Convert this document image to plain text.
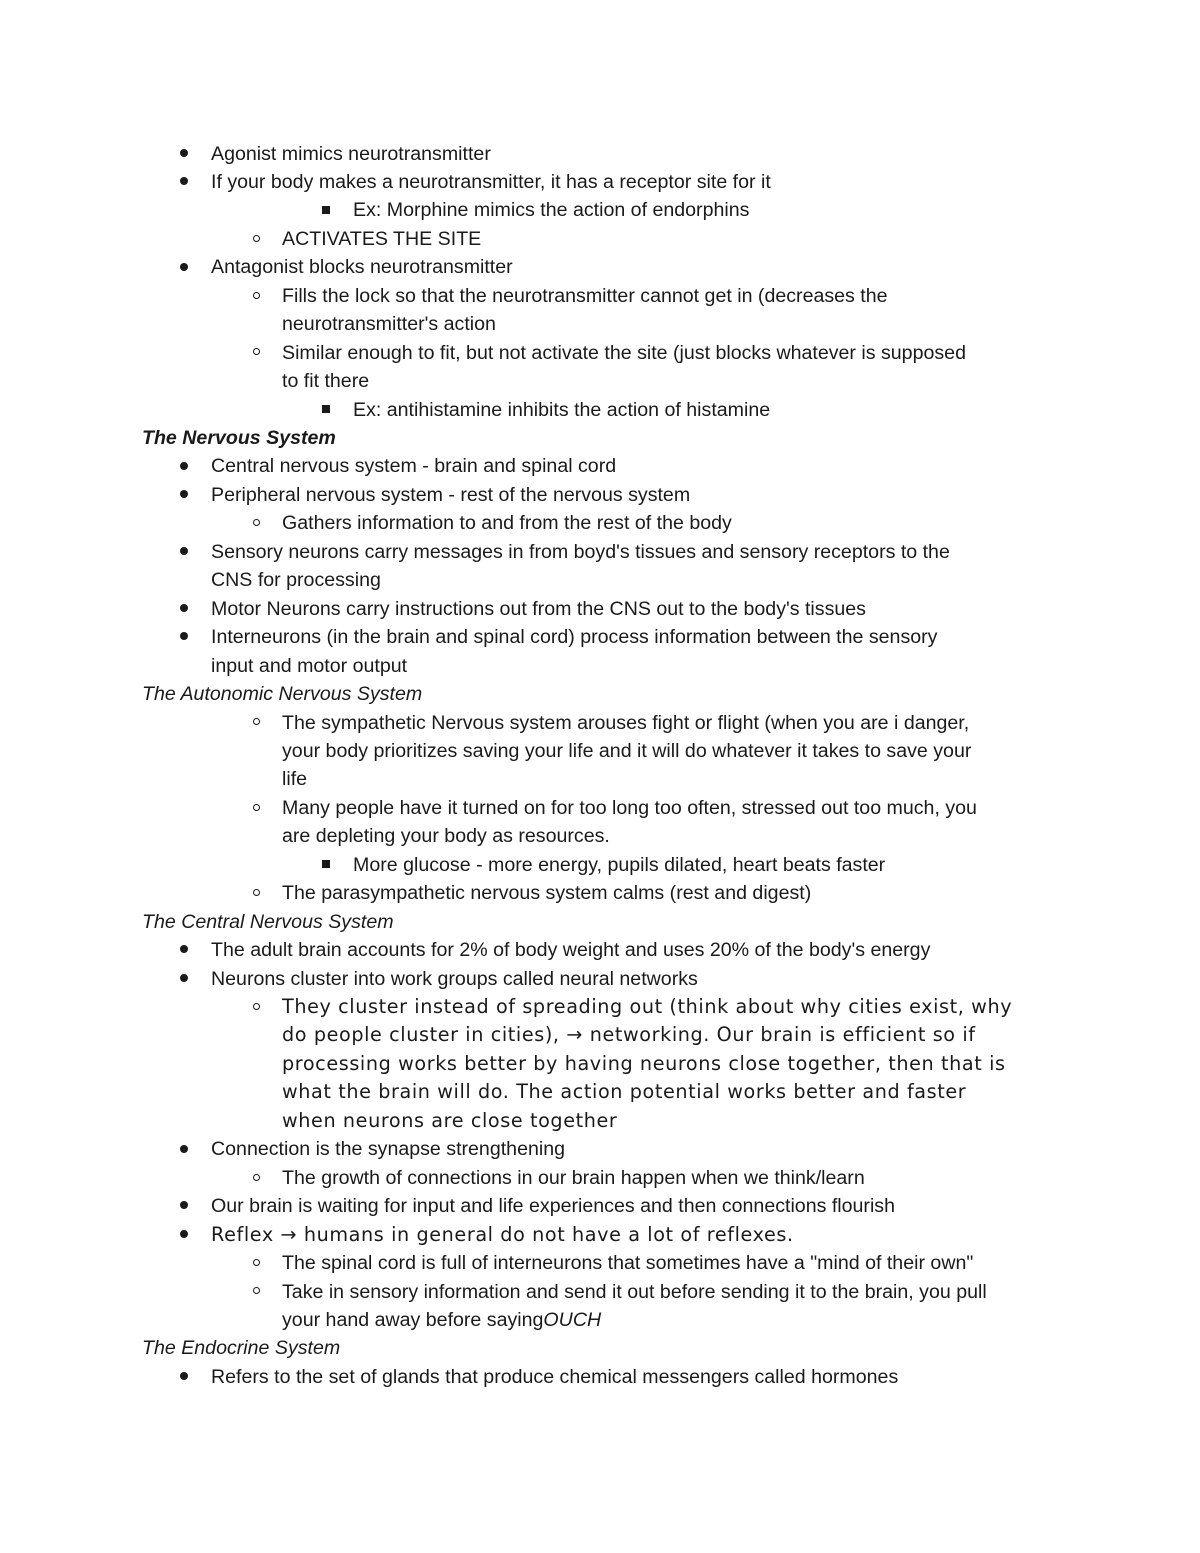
Agonist mimics neurotransmitter
If your body makes a neurotransmitter, it has a receptor site for it
Ex: Morphine mimics the action of endorphins
ACTIVATES THE SITE
Antagonist blocks neurotransmitter
Fills the lock so that the neurotransmitter cannot get in (decreases the
neurotransmitter's action
Similar enough to fit, but not activate the site (just blocks whatever is supposed
to fit there
Ex: antihistamine inhibits the action of histamine
The Nervous System
Central nervous system - brain and spinal cord
Peripheral nervous system - rest of the nervous system
Gathers information to and from the rest of the body
Sensory neurons carry messages in from boyd's tissues and sensory receptors to the
CNS for processing
Motor Neurons carry instructions out from the CNS out to the body's tissues
Interneurons (in the brain and spinal cord) process information between the sensory
input and motor output
The Autonomic Nervous System
The sympathetic Nervous system arouses fight or flight (when you are i danger,
your body prioritizes saving your life and it will do whatever it takes to save your
life
Many people have it turned on for too long too often, stressed out too much, you
are depleting your body as resources.
More glucose - more energy, pupils dilated, heart beats faster
The parasympathetic nervous system calms (rest and digest)
The Central Nervous System
The adult brain accounts for 2% of body weight and uses 20% of the body's energy
Neurons cluster into work groups called neural networks
They cluster instead of spreading out (think about why cities exist, why
do people cluster in cities), → networking. Our brain is efficient so if
processing works better by having neurons close together, then that is
what the brain will do. The action potential works better and faster
when neurons are close together
Connection is the synapse strengthening
The growth of connections in our brain happen when we think/learn
Our brain is waiting for input and life experiences and then connections flourish
Reflex → humans in general do not have a lot of reflexes.
The spinal cord is full of interneurons that sometimes have a "mind of their own"
Take in sensory information and send it out before sending it to the brain, you pull
your hand away before saying OUCH
The Endocrine System
Refers to the set of glands that produce chemical messengers called hormones
